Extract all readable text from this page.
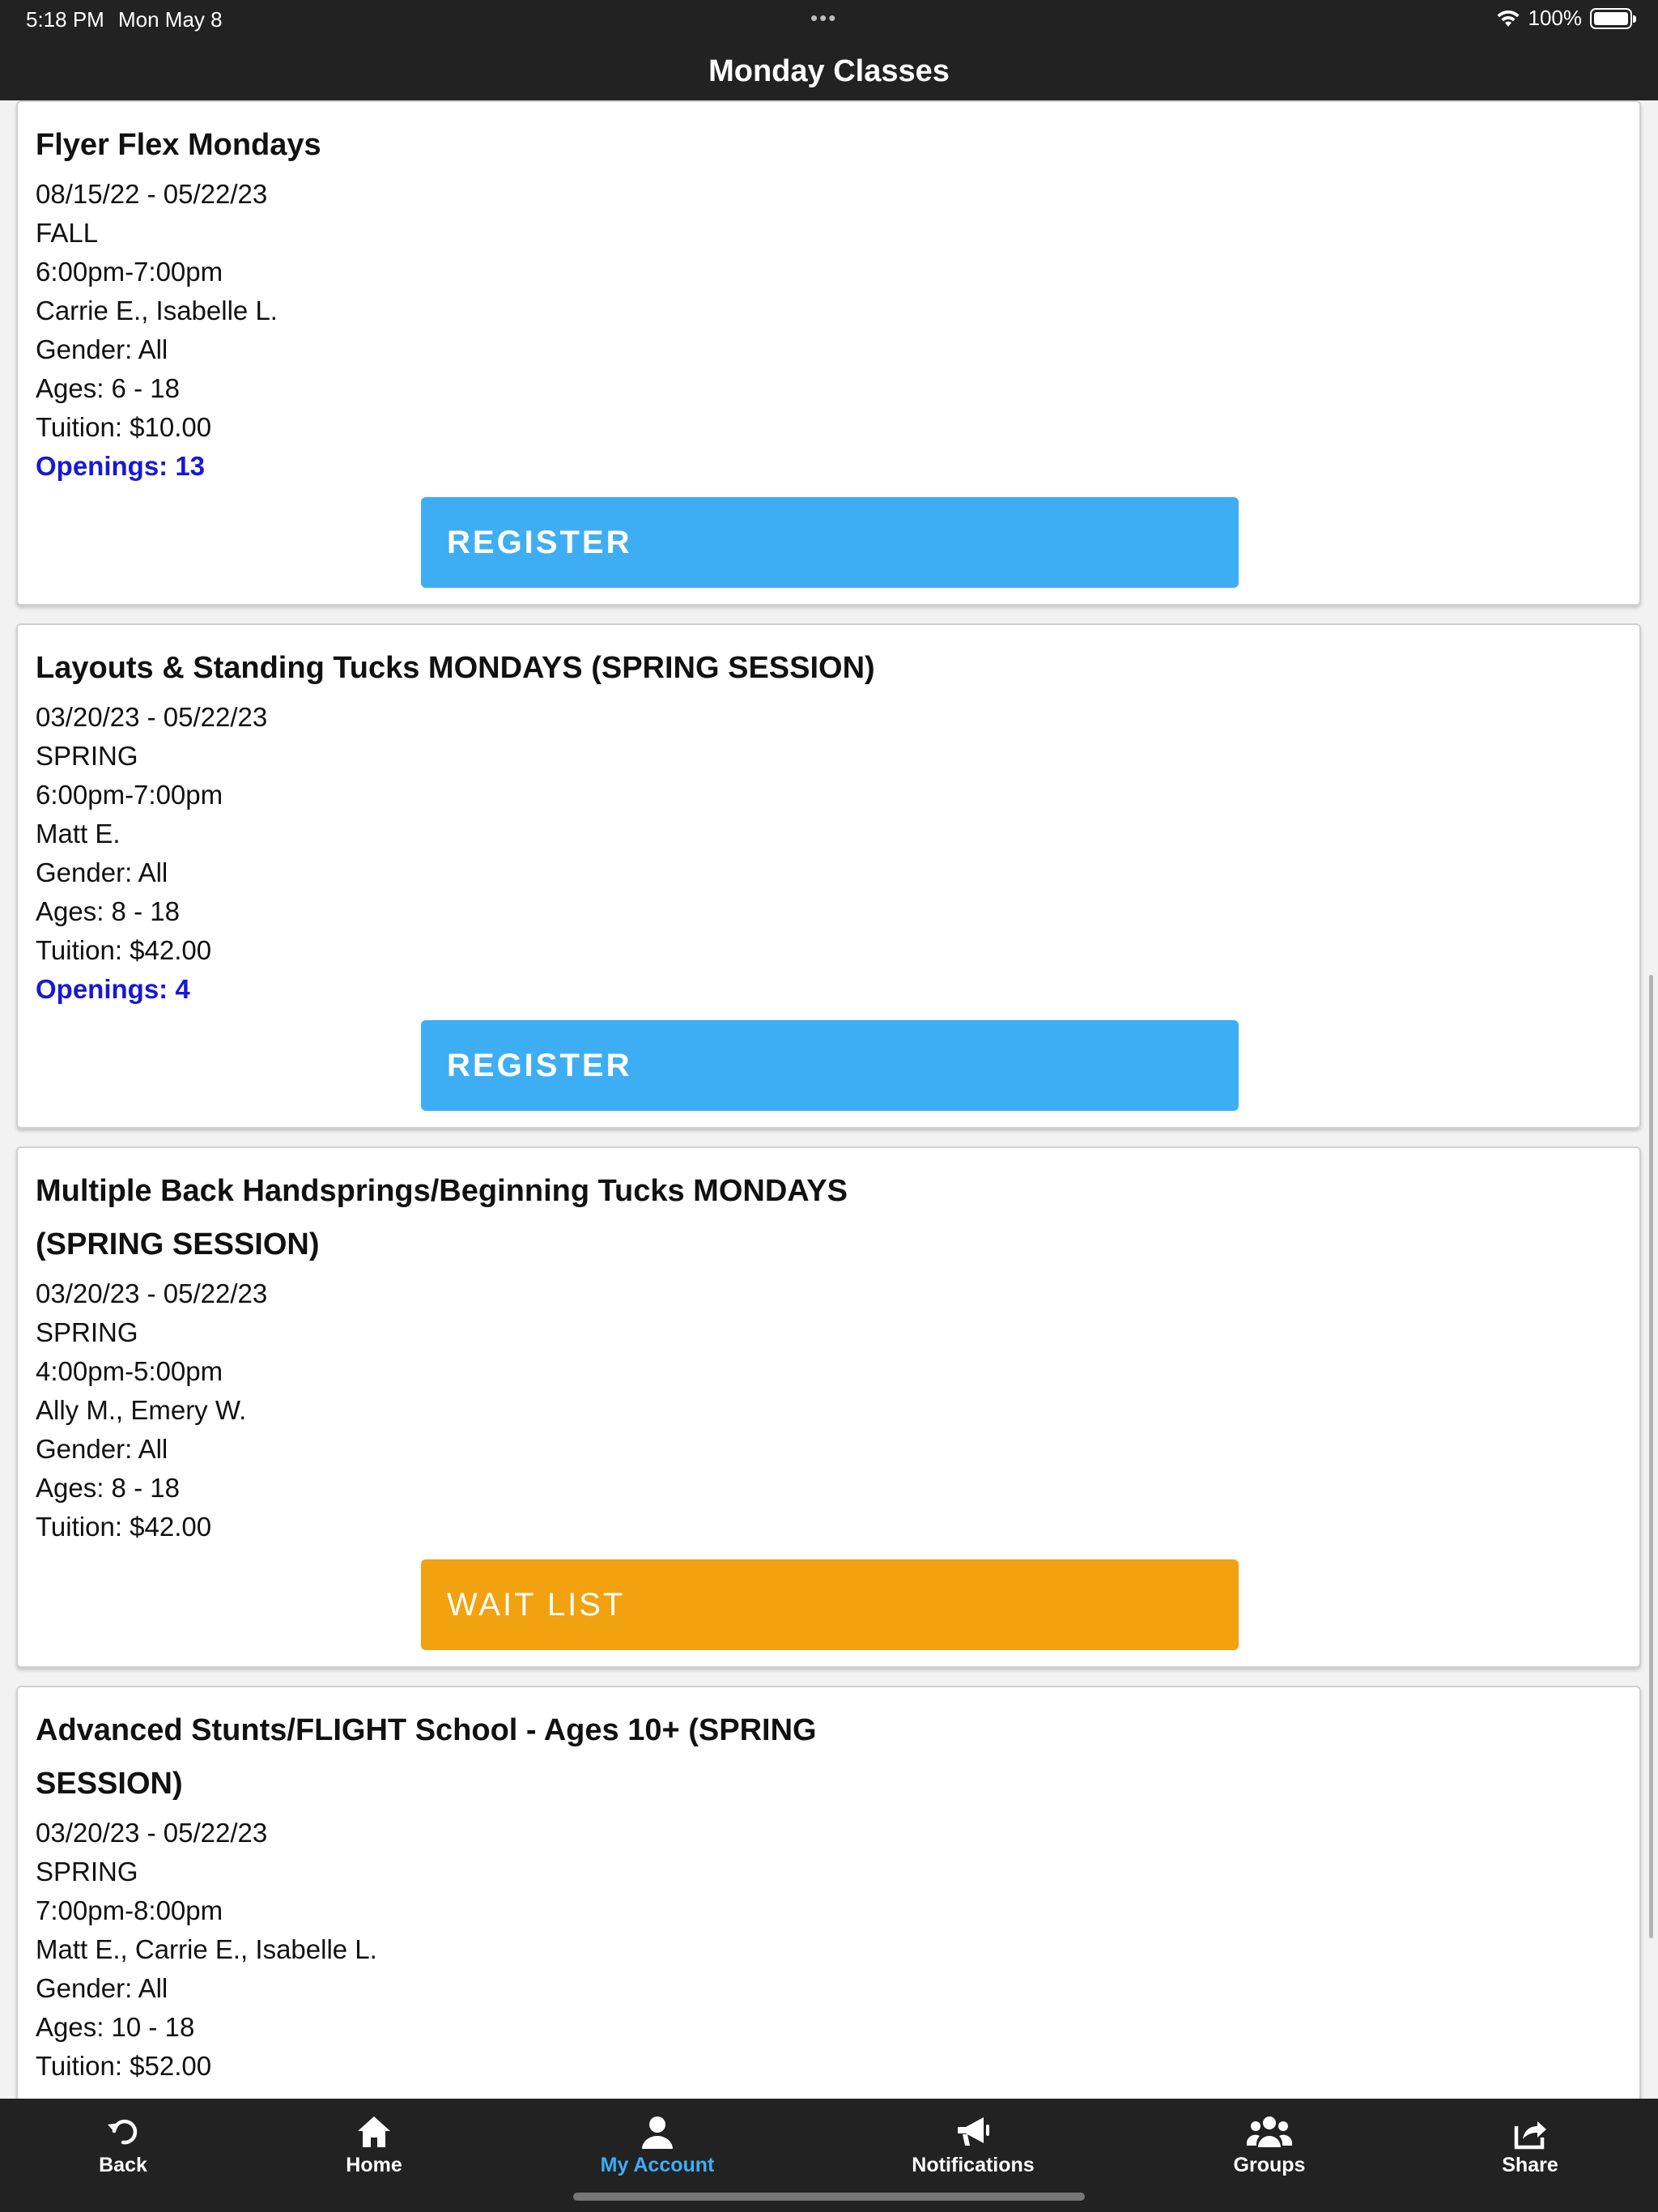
5:18 PM Mon May 8	•••	100%
Monday Classes
Flyer Flex Mondays
08/15/22 - 05/22/23
FALL
6:00pm-7:00pm
Carrie E., Isabelle L.
Gender: All
Ages: 6 - 18
Tuition: $10.00
Openings: 13
REGISTER
Layouts & Standing Tucks MONDAYS (SPRING SESSION)
03/20/23 - 05/22/23
SPRING
6:00pm-7:00pm
Matt E.
Gender: All
Ages: 8 - 18
Tuition: $42.00
Openings: 4
REGISTER
Multiple Back Handsprings/Beginning Tucks MONDAYS
(SPRING SESSION)
03/20/23 - 05/22/23
SPRING
4:00pm-5:00pm
Ally M., Emery W.
Gender: All
Ages: 8 - 18
Tuition: $42.00
WAIT LIST
Advanced Stunts/FLIGHT School - Ages 10+ (SPRING
SESSION)
03/20/23 - 05/22/23
SPRING
7:00pm-8:00pm
Matt E., Carrie E., Isabelle L.
Gender: All
Ages: 10 - 18
Tuition: $52.00
Back	Home	My Account	Notifications	Groups	Share
